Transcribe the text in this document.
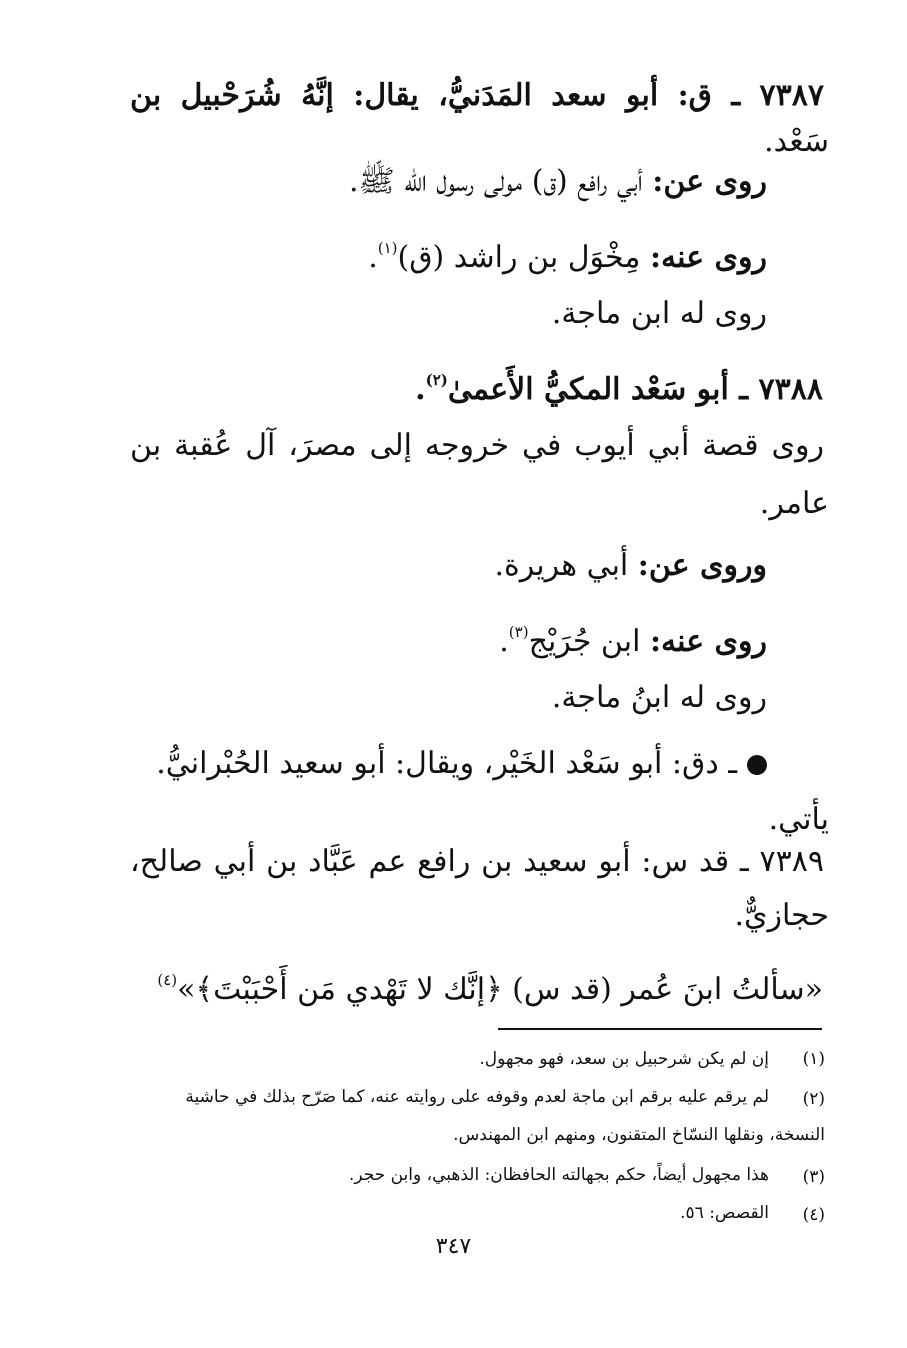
٧٣٨٧ ـ ق: أبو سعد المَدَنيُّ، يقال: إنَّهُ شُرَحْبيل بن
سَعْد.
روى عن: أبي رافع (ق) مولى رسول الله ﷺ.
روى عنه: مِخْوَل بن راشد (ق)$^{(١)}$.
روى له ابن ماجة.
٧٣٨٨ ـ أبو سَعْد المكيُّ الأَعمىٰ$^{(٢)}$.
روى قصة أبي أيوب في خروجه إلى مصرَ، آل عُقبة بن
عامر.
وروى عن: أبي هريرة.
روى عنه: ابن جُرَيْج$^{(٣)}$.
روى له ابنُ ماجة.
ـ دق: أبو سَعْد الخَيْر، ويقال: أبو سعيد الحُبْرانيُّ.
يأتي.
٧٣٨٩ ـ قد س: أبو سعيد بن رافع عم عَبَّاد بن أبي صالح،
حجازيٌّ.
«سألتُ ابنَ عُمر (قد س) ﴿إنَّك لا تَهْدي مَن أَحْبَبْتَ﴾»$^{(٤)}$
(١)
إن لم يكن شرحبيل بن سعد، فهو مجهول.
(٢)
لم يرقم عليه برقم ابن ماجة لعدم وقوفه على روايته عنه، كما صَرّح بذلك في حاشية
النسخة، ونقلها النسّاخ المتقنون، ومنهم ابن المهندس.
(٣)
هذا مجهول أيضاً، حكم بجهالته الحافظان: الذهبي، وابن حجر.
(٤)
القصص: ٥٦.
٣٤٧
